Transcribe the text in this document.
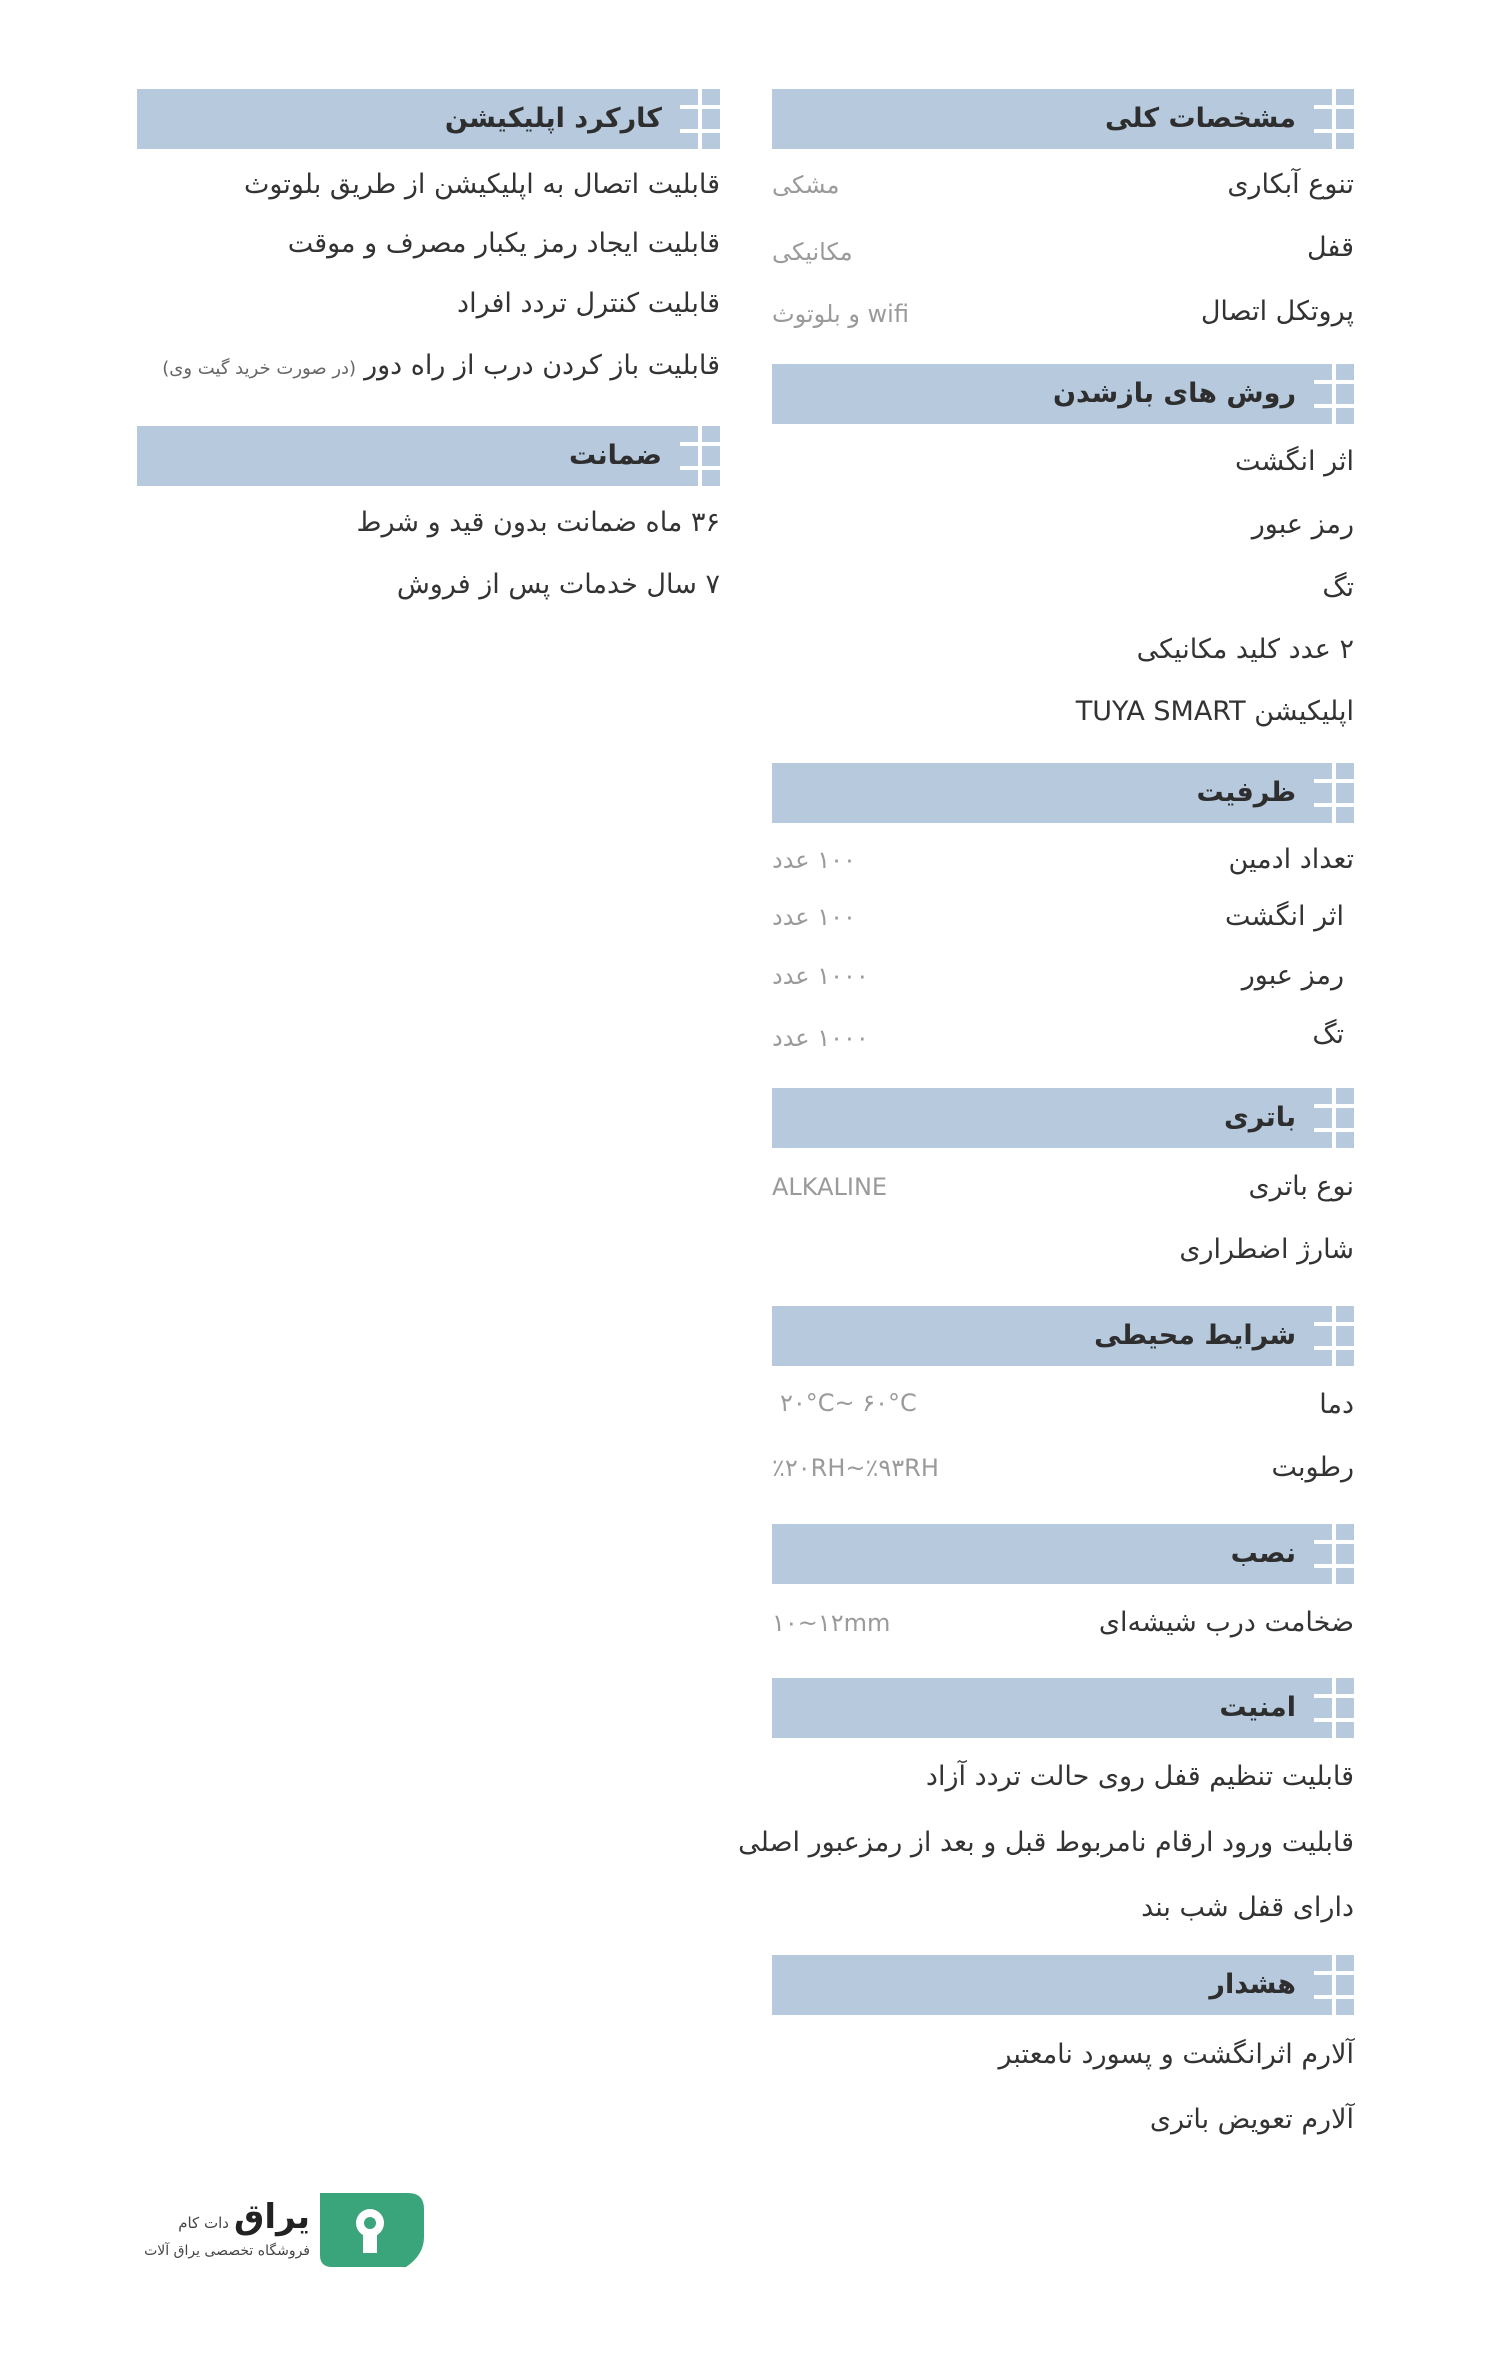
مشخصات کلی
تنوع آبکاری
مشکی
قفل
مکانیکی
پروتکل اتصال
wifi و بلوتوث
روش های بازشدن
اثر انگشت
رمز عبور
تگ
۲ عدد کلید مکانیکی
اپلیکیشن TUYA SMART
ظرفیت
تعداد ادمین
۱۰۰ عدد
اثر انگشت
۱۰۰ عدد
رمز عبور
۱۰۰۰ عدد
تگ
۱۰۰۰ عدد
باتری
نوع باتری
ALKALINE
شارژ اضطراری
شرایط محیطی
دما
۲۰°C~ ۶۰°C
رطوبت
٪۲۰RH~٪۹۳RH
نصب
ضخامت درب شیشه‌ای
۱۰~۱۲mm
امنیت
قابلیت تنظیم قفل روی حالت تردد آزاد
قابلیت ورود ارقام نامربوط قبل و بعد از رمزعبور اصلی
دارای قفل شب بند
هشدار
آلارم اثرانگشت و پسورد نامعتبر
آلارم تعویض باتری
کارکرد اپلیکیشن
قابلیت اتصال به اپلیکیشن از طریق بلوتوث
قابلیت ایجاد رمز یکبار مصرف و موقت
قابلیت کنترل تردد افراد
قابلیت باز کردن درب از راه دور(در صورت خرید گیت وی)
ضمانت
۳۶ ماه ضمانت بدون قید و شرط
۷ سال خدمات پس از فروش
یراق دات کام
فروشگاه تخصصی یراق آلات
